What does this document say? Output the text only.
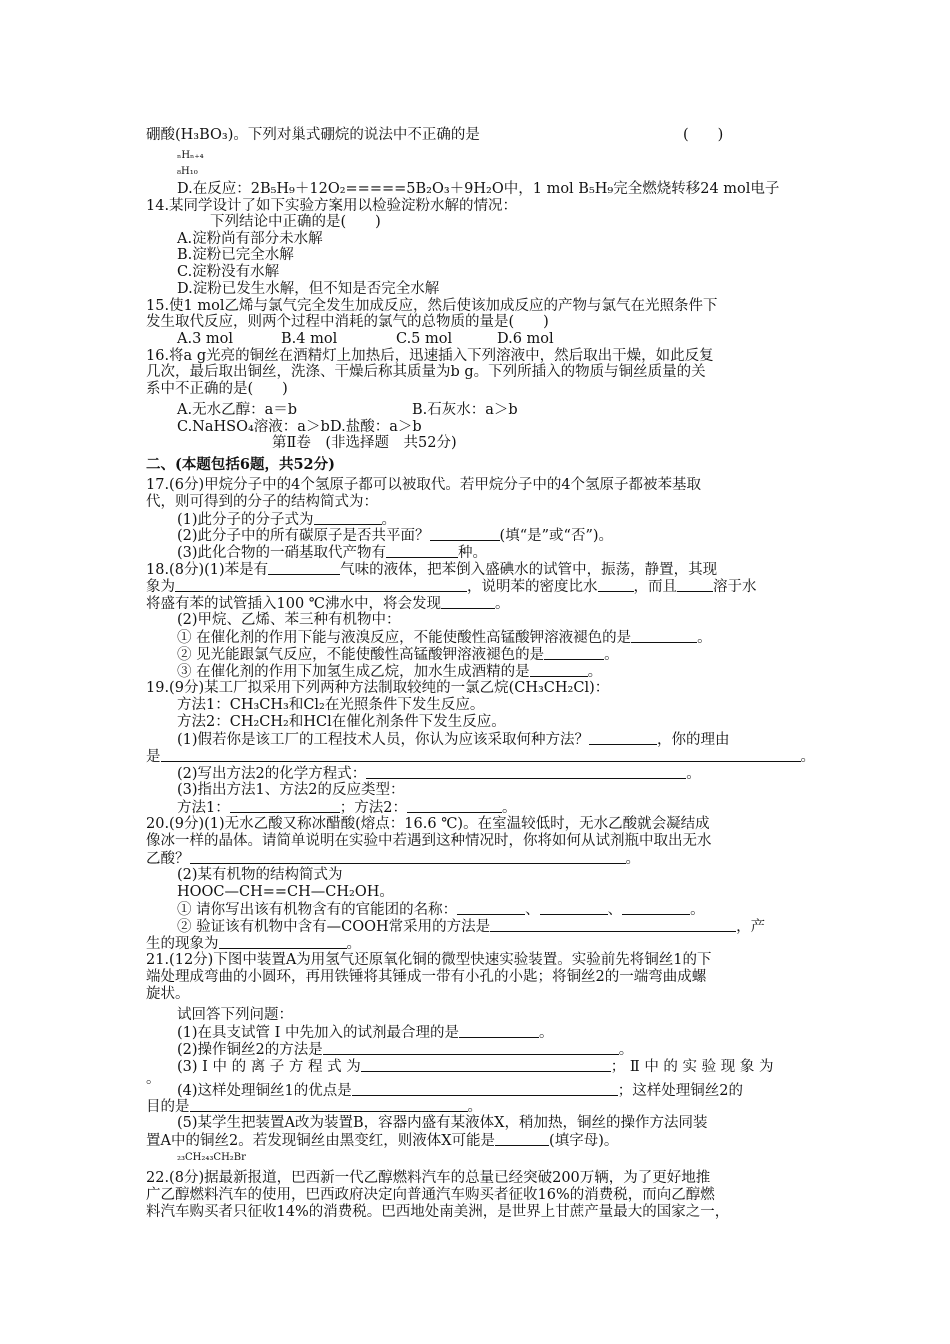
硼酸(H₃BO₃)。下列对巢式硼烷的说法中不正确的是	(　　)
ₙHₙ₊₄
₈H₁₀
D.在反应：2B₅H₉＋12O₂=====5B₂O₃＋9H₂O中，1 mol B₅H₉完全燃烧转移24 mol电子
14.某同学设计了如下实验方案用以检验淀粉水解的情况：
下列结论中正确的是(　　)
A.淀粉尚有部分未水解
B.淀粉已完全水解
C.淀粉没有水解
D.淀粉已发生水解，但不知是否完全水解
15.使1 mol乙烯与氯气完全发生加成反应，然后使该加成反应的产物与氯气在光照条件下
发生取代反应，则两个过程中消耗的氯气的总物质的量是(　　)
A.3 mol	B.4 mol	C.5 mol	D.6 mol
16.将a g光亮的铜丝在酒精灯上加热后，迅速插入下列溶液中，然后取出干燥，如此反复
几次，最后取出铜丝，洗涤、干燥后称其质量为b g。下列所插入的物质与铜丝质量的关
系中不正确的是(　　)
A.无水乙醇：a＝b	B.石灰水：a＞b
C.NaHSO₄溶液：a＞b D.盐酸：a＞b
第Ⅱ卷　(非选择题　共52分)
二、(本题包括6题，共52分)
17.(6分)甲烷分子中的4个氢原子都可以被取代。若甲烷分子中的4个氢原子都被苯基取
代，则可得到的分子的结构简式为：
(1)此分子的分子式为	。
(2)此分子中的所有碳原子是否共平面？	(填“是”或“否”)。
(3)此化合物的一硝基取代产物有	种。
18.(8分)(1)苯是有	气味的液体，把苯倒入盛碘水的试管中，振荡，静置，其现
象为	，说明苯的密度比水 ，而且 溶于水
将盛有苯的试管插入100 ℃沸水中，将会发现	。
(2)甲烷、乙烯、苯三种有机物中：
① 在催化剂的作用下能与液溴反应，不能使酸性高锰酸钾溶液褪色的是	。
② 见光能跟氯气反应，不能使酸性高锰酸钾溶液褪色的是	。
③ 在催化剂的作用下加氢生成乙烷，加水生成酒精的是	。
19.(9分)某工厂拟采用下列两种方法制取较纯的一氯乙烷(CH₃CH₂Cl)：
方法1：CH₃CH₃和Cl₂在光照条件下发生反应。
方法2：CH₂CH₂和HCl在催化剂条件下发生反应。
(1)假若你是该工厂的工程技术人员，你认为应该采取何种方法？	，你的理由
是	。
(2)写出方法2的化学方程式：	。
(3)指出方法1、方法2的反应类型：
方法1：	；方法2：	。
20.(9分)(1)无水乙酸又称冰醋酸(熔点：16.6 ℃)。在室温较低时，无水乙酸就会凝结成
像冰一样的晶体。请简单说明在实验中若遇到这种情况时，你将如何从试剂瓶中取出无水
乙酸？	。
(2)某有机物的结构简式为
HOOC—CH==CH—CH₂OH。
① 请你写出该有机物含有的官能团的名称：	、	、	。
② 验证该有机物中含有—COOH常采用的方法是	，产
生的现象为	。
21.(12分)下图中装置A为用氢气还原氧化铜的微型快速实验装置。实验前先将铜丝1的下
端处理成弯曲的小圆环，再用铁锤将其锤成一带有小孔的小匙；将铜丝2的一端弯曲成螺
旋状。
试回答下列问题：
(1)在具支试管 Ⅰ 中先加入的试剂最合理的是	。
(2)操作铜丝2的方法是	。
(3) Ⅰ 中 的 离 子 方 程 式 为	； Ⅱ 中 的 实 验 现 象 为
。
(4)这样处理铜丝1的优点是	；这样处理铜丝2的
目的是	。
(5)某学生把装置A改为装置B，容器内盛有某液体X，稍加热，铜丝的操作方法同装
置A中的铜丝2。若发现铜丝由黑变红，则液体X可能是	(填字母)。
₂₃CH₂₄₃CH₂Br
22.(8分)据最新报道，巴西新一代乙醇燃料汽车的总量已经突破200万辆，为了更好地推
广乙醇燃料汽车的使用，巴西政府决定向普通汽车购买者征收16%的消费税，而向乙醇燃
料汽车购买者只征收14%的消费税。巴西地处南美洲，是世界上甘蔗产量最大的国家之一，
